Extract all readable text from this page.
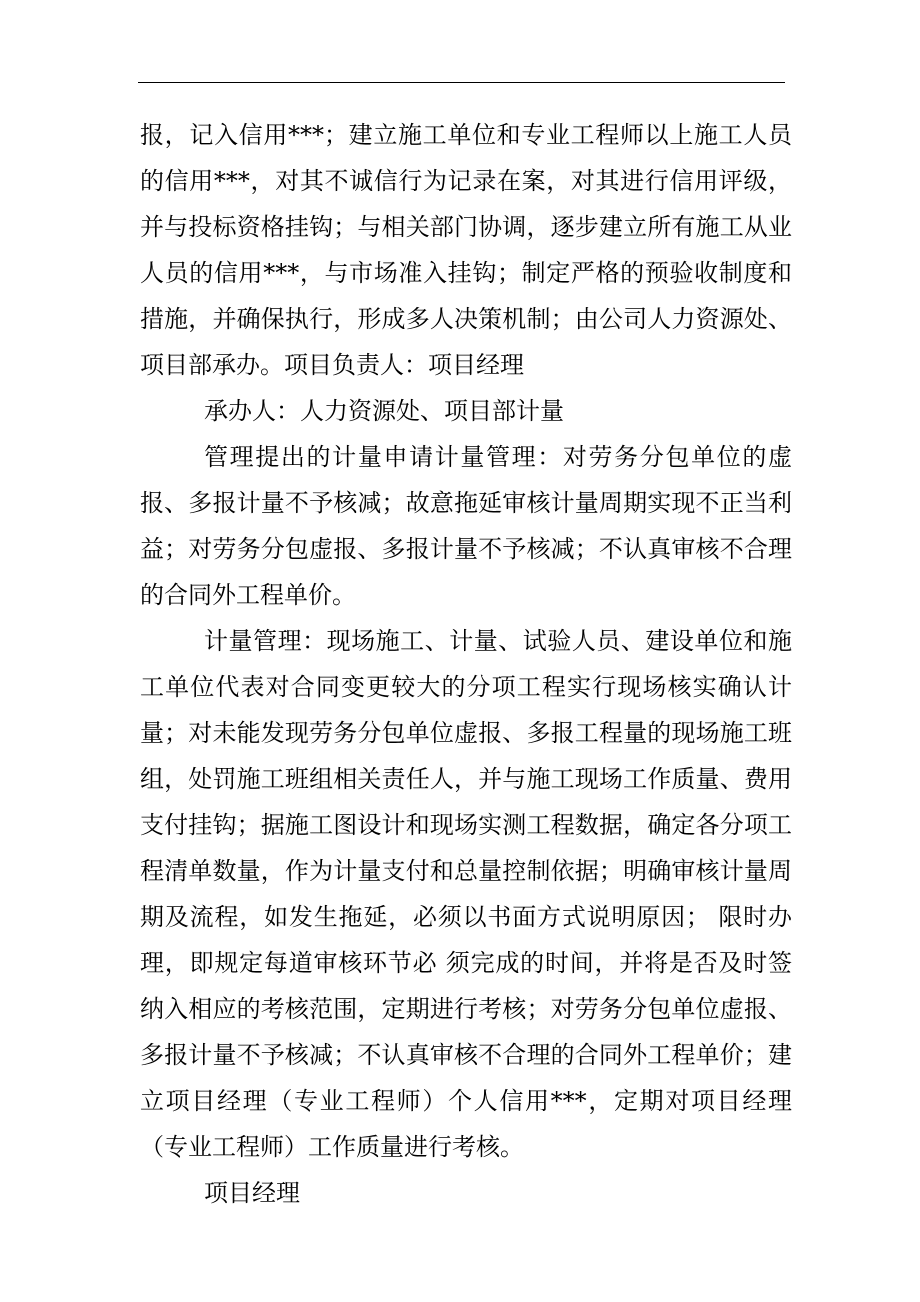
报，记入信用***；建立施工单位和专业工程师以上施工人员的信用***，对其不诚信行为记录在案，对其进行信用评级，并与投标资格挂钩；与相关部门协调，逐步建立所有施工从业人员的信用***，与市场准入挂钩；制定严格的预验收制度和措施，并确保执行，形成多人决策机制；由公司人力资源处、项目部承办。项目负责人：项目经理

承办人：人力资源处、项目部计量

管理提出的计量申请计量管理：对劳务分包单位的虚报、多报计量不予核减；故意拖延审核计量周期实现不正当利益；对劳务分包虚报、多报计量不予核减；不认真审核不合理的合同外工程单价。

计量管理：现场施工、计量、试验人员、建设单位和施工单位代表对合同变更较大的分项工程实行现场核实确认计量；对未能发现劳务分包单位虚报、多报工程量的现场施工班组，处罚施工班组相关责任人，并与施工现场工作质量、费用支付挂钩；据施工图设计和现场实测工程数据，确定各分项工程清单数量，作为计量支付和总量控制依据；明确审核计量周期及流程，如发生拖延，必须以书面方式说明原因； 限时办理，即规定每道审核环节必 须完成的时间，并将是否及时签纳入相应的考核范围，定期进行考核；对劳务分包单位虚报、多报计量不予核减；不认真审核不合理的合同外工程单价；建立项目经理（专业工程师）个人信用***，定期对项目经理（专业工程师）工作质量进行考核。

项目经理
